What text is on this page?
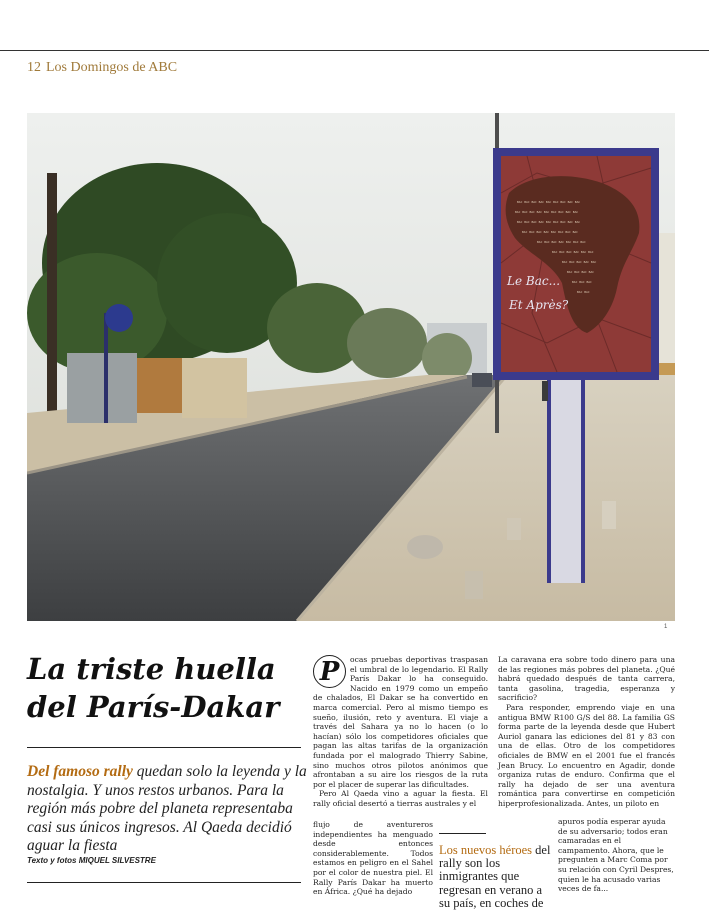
12 Los Domingos de ABC
BAC BAC BAC BAC BAC BAC BAC BAC BAC
BAC BAC BAC BAC BAC BAC BAC BAC BAC
BAC BAC BAC BAC BAC BAC BAC BAC BAC
BAC BAC BAC BAC BAC BAC BAC BAC
BAC BAC BAC BAC BAC BAC BAC
BAC BAC BAC BAC BAC BAC
BAC BAC BAC BAC BAC
BAC BAC BAC BAC
BAC BAC BAC
BAC BAC
Le Bac...
Et Après?
1
La triste huella del París-Dakar

Del famoso rally quedan solo la leyenda y la nostalgia. Y unos restos urbanos. Para la región más pobre del planeta representaba casi sus únicos ingresos. Al Qaeda decidió aguar la fiesta

Texto y fotos MIQUEL SILVESTRE
P	ocas pruebas deportivas traspasan el umbral de lo legendario. El Rally París Dakar lo ha conseguido. Nacido en 1979 como un empeño de chalados, El Dakar se ha convertido en marca comercial. Pero al mismo tiempo es sueño, ilusión, reto y aventura. El viaje a través del Sahara ya no lo hacen (o lo hacían) sólo los competidores oficiales que pagan las altas tarifas de la organización fundada por el malogrado Thierry Sabine, sino muchos otros pilotos anónimos que afrontaban a su aire los riesgos de la ruta por el placer de superar las dificultades.
Pero Al Qaeda vino a aguar la fiesta. El rally oficial desertó a tierras australes y el

flujo de aventureros independientes ha menguado desde entonces considerablemente. Todos estamos en peligro en el Sahel por el color de nuestra piel. El Rally París Dakar ha muerto en África. ¿Qué ha dejado

Los nuevos héroes del rally son los inmigrantes que regresan en verano a su país, en coches de

La caravana era sobre todo dinero para una de las regiones más pobres del planeta. ¿Qué habrá quedado después de tanta carrera, tanta gasolina, tragedia, esperanza y sacrificio?
Para responder, emprendo viaje en una antigua BMW R100 G/S del 88. La familia GS forma parte de la leyenda desde que Hubert Auriol ganara las ediciones del 81 y 83 con una de ellas. Otro de los competidores oficiales de BMW en el 2001 fue el francés Jean Brucy. Lo encuentro en Agadir, donde organiza rutas de enduro. Confirma que el rally ha dejado de ser una aventura romántica para convertirse en competición hiperprofesionalizada. Antes, un piloto en

apuros podía esperar ayuda de su adversario; todos eran camaradas en el campamento. Ahora, que le pregunten a Marc Coma por su relación con Cyril Despres, quien le ha acusado varias veces de fa...
